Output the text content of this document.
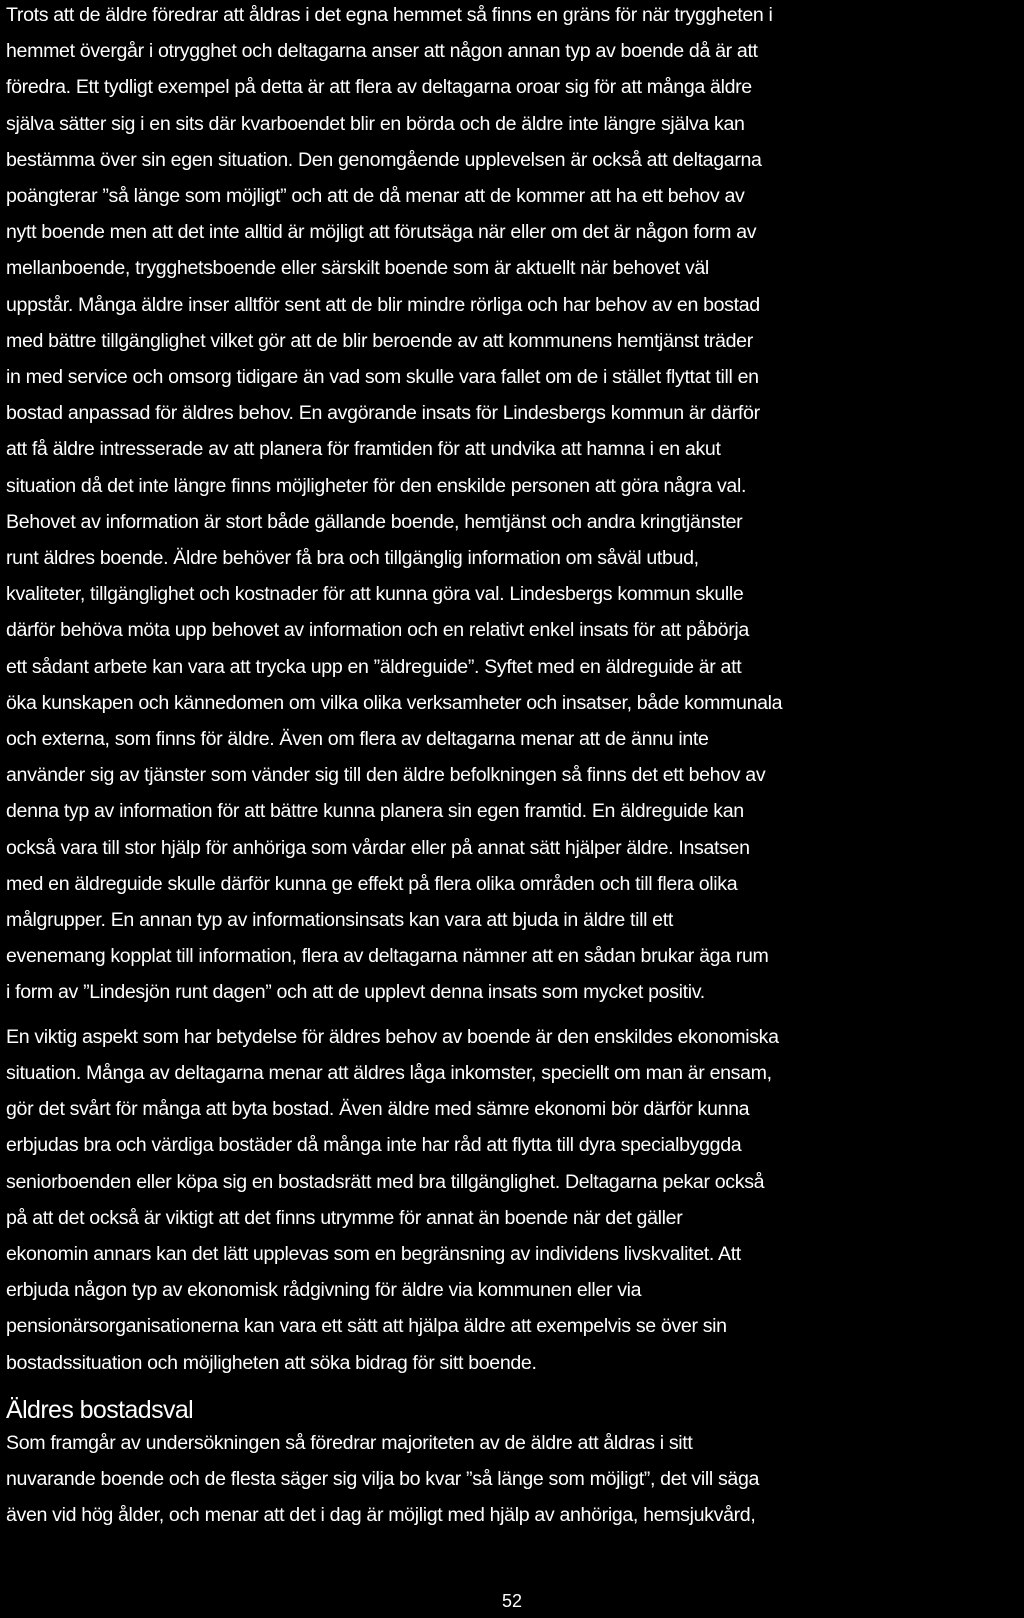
Trots att de äldre föredrar att åldras i det egna hemmet så finns en gräns för när tryggheten i
hemmet övergår i otrygghet och deltagarna anser att någon annan typ av boende då är att
föredra. Ett tydligt exempel på detta är att flera av deltagarna oroar sig för att många äldre
själva sätter sig i en sits där kvarboendet blir en börda och de äldre inte längre själva kan
bestämma över sin egen situation. Den genomgående upplevelsen är också att deltagarna
poängterar ”så länge som möjligt” och att de då menar att de kommer att ha ett behov av
nytt boende men att det inte alltid är möjligt att förutsäga när eller om det är någon form av
mellanboende, trygghetsboende eller särskilt boende som är aktuellt när behovet väl
uppstår. Många äldre inser alltför sent att de blir mindre rörliga och har behov av en bostad
med bättre tillgänglighet vilket gör att de blir beroende av att kommunens hemtjänst träder
in med service och omsorg tidigare än vad som skulle vara fallet om de i stället flyttat till en
bostad anpassad för äldres behov. En avgörande insats för Lindesbergs kommun är därför
att få äldre intresserade av att planera för framtiden för att undvika att hamna i en akut
situation då det inte längre finns möjligheter för den enskilde personen att göra några val.
Behovet av information är stort både gällande boende, hemtjänst och andra kringtjänster
runt äldres boende. Äldre behöver få bra och tillgänglig information om såväl utbud,
kvaliteter, tillgänglighet och kostnader för att kunna göra val. Lindesbergs kommun skulle
därför behöva möta upp behovet av information och en relativt enkel insats för att påbörja
ett sådant arbete kan vara att trycka upp en ”äldreguide”. Syftet med en äldreguide är att
öka kunskapen och kännedomen om vilka olika verksamheter och insatser, både kommunala
och externa, som finns för äldre. Även om flera av deltagarna menar att de ännu inte
använder sig av tjänster som vänder sig till den äldre befolkningen så finns det ett behov av
denna typ av information för att bättre kunna planera sin egen framtid. En äldreguide kan
också vara till stor hjälp för anhöriga som vårdar eller på annat sätt hjälper äldre. Insatsen
med en äldreguide skulle därför kunna ge effekt på flera olika områden och till flera olika
målgrupper. En annan typ av informationsinsats kan vara att bjuda in äldre till ett
evenemang kopplat till information, flera av deltagarna nämner att en sådan brukar äga rum
i form av ”Lindesjön runt dagen” och att de upplevt denna insats som mycket positiv.

En viktig aspekt som har betydelse för äldres behov av boende är den enskildes ekonomiska
situation. Många av deltagarna menar att äldres låga inkomster, speciellt om man är ensam,
gör det svårt för många att byta bostad. Även äldre med sämre ekonomi bör därför kunna
erbjudas bra och värdiga bostäder då många inte har råd att flytta till dyra specialbyggda
seniorboenden eller köpa sig en bostadsrätt med bra tillgänglighet. Deltagarna pekar också
på att det också är viktigt att det finns utrymme för annat än boende när det gäller
ekonomin annars kan det lätt upplevas som en begränsning av individens livskvalitet. Att
erbjuda någon typ av ekonomisk rådgivning för äldre via kommunen eller via
pensionärsorganisationerna kan vara ett sätt att hjälpa äldre att exempelvis se över sin
bostadssituation och möjligheten att söka bidrag för sitt boende.

Äldres bostadsval

Som framgår av undersökningen så föredrar majoriteten av de äldre att åldras i sitt
nuvarande boende och de flesta säger sig vilja bo kvar ”så länge som möjligt”, det vill säga
även vid hög ålder, och menar att det i dag är möjligt med hjälp av anhöriga, hemsjukvård,

52
